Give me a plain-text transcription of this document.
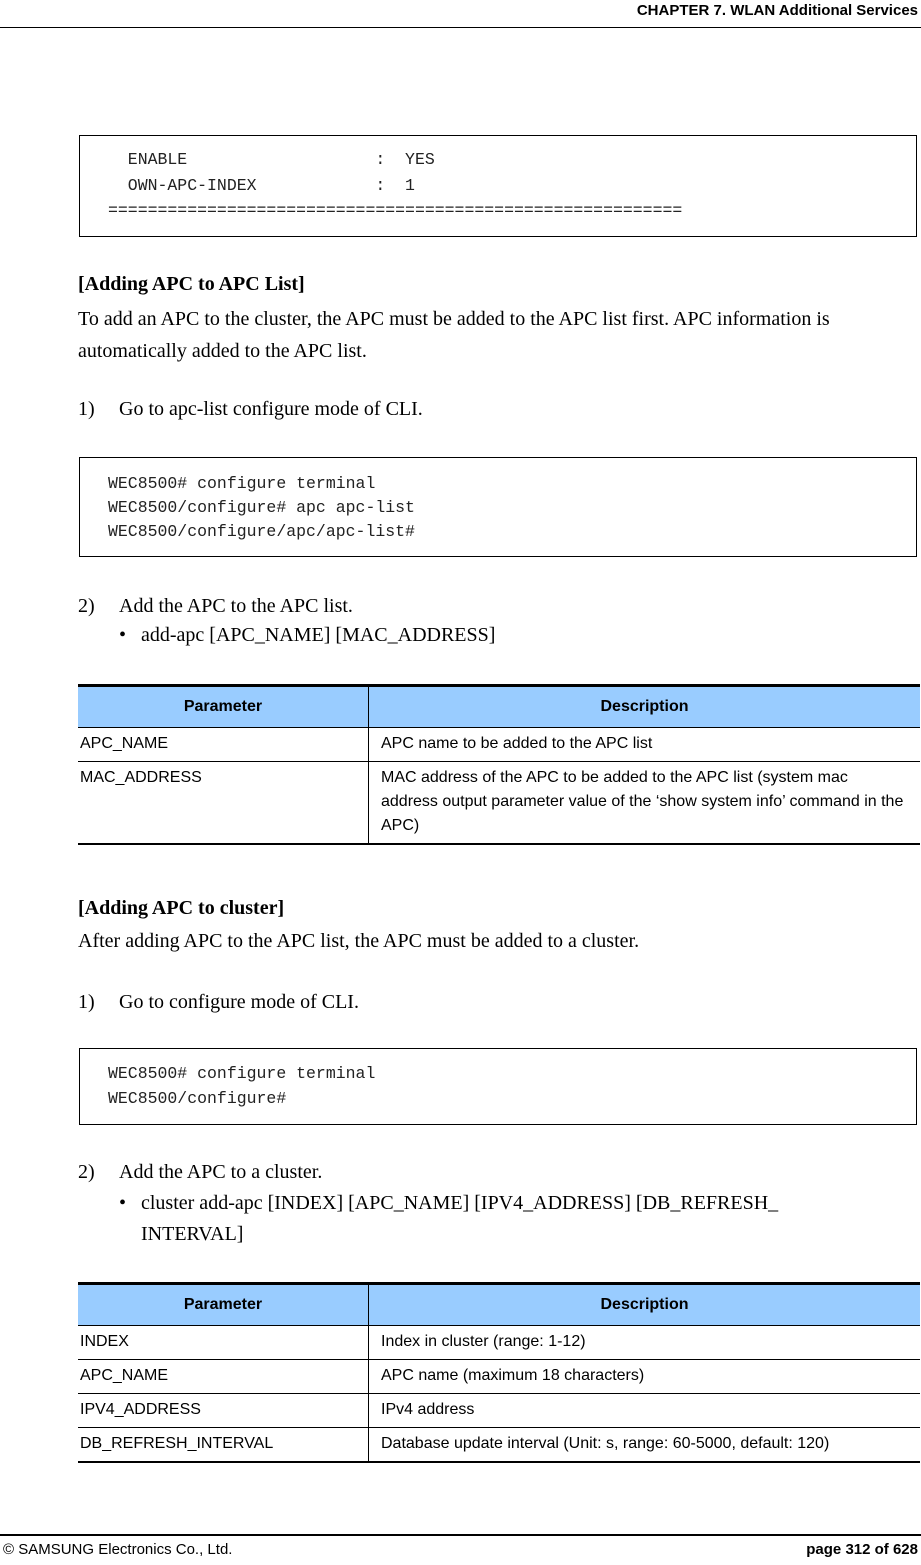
CHAPTER 7. WLAN Additional Services
ENABLE                   :  YES
OWN-APC-INDEX            :  1
==========================================================
[Adding APC to APC List]
To add an APC to the cluster, the APC must be added to the APC list first. APC information is automatically added to the APC list.
1) Go to apc-list configure mode of CLI.
WEC8500# configure terminal
WEC8500/configure# apc apc-list
WEC8500/configure/apc/apc-list#
2) Add the APC to the APC list.
• add-apc [APC_NAME] [MAC_ADDRESS]
Parameter	Description
APC_NAME	APC name to be added to the APC list
MAC_ADDRESS	MAC address of the APC to be added to the APC list (system mac address output parameter value of the ‘show system info’ command in the APC)
[Adding APC to cluster]
After adding APC to the APC list, the APC must be added to a cluster.
1) Go to configure mode of CLI.
WEC8500# configure terminal
WEC8500/configure#
2) Add the APC to a cluster.
• cluster add-apc [INDEX] [APC_NAME] [IPV4_ADDRESS] [DB_REFRESH_ INTERVAL]
Parameter	Description
INDEX	Index in cluster (range: 1-12)
APC_NAME	APC name (maximum 18 characters)
IPV4_ADDRESS	IPv4 address
DB_REFRESH_INTERVAL	Database update interval (Unit: s, range: 60-5000, default: 120)
© SAMSUNG Electronics Co., Ltd.	page 312 of 628
